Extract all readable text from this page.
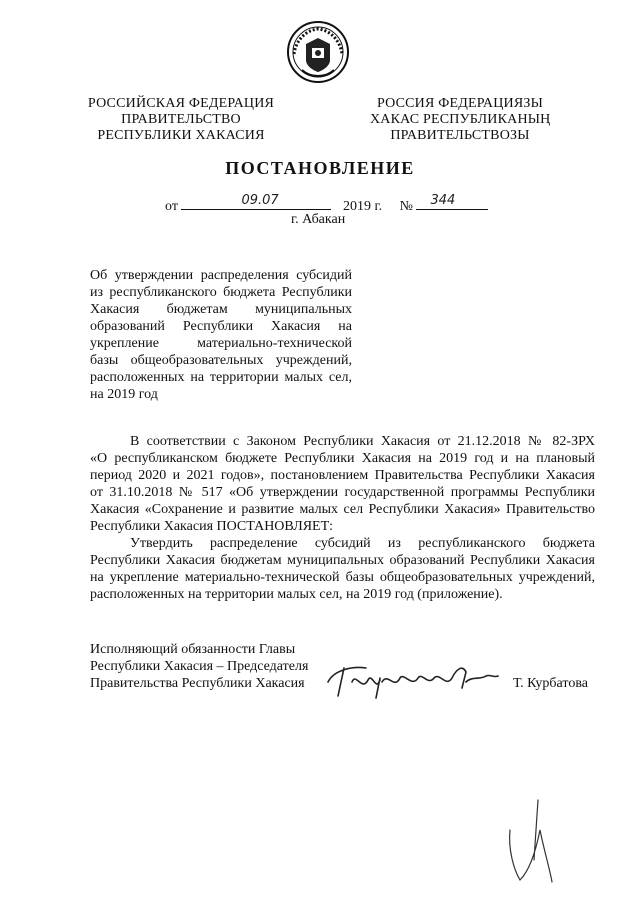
РОССИЙСКАЯ ФЕДЕРАЦИЯ
ПРАВИТЕЛЬСТВО
РЕСПУБЛИКИ ХАКАСИЯ
РОССИЯ ФЕДЕРАЦИЯЗЫ
ХАКАС РЕСПУБЛИКАНЫҢ
ПРАВИТЕЛЬСТВОЗЫ
ПОСТАНОВЛЕНИЕ
от	09.07	2019 г. № 344
г. Абакан
Об утверждении распределения субсидий
из республиканского бюджета Республики
Хакасия бюджетам муниципальных
образований Республики Хакасия на
укрепление материально-технической
базы общеобразовательных учреждений,
расположенных на территории малых сел,
на 2019 год
В соответствии с Законом Республики Хакасия от 21.12.2018 № 82-ЗРХ
«О республиканском бюджете Республики Хакасия на 2019 год и на плановый
период 2020 и 2021 годов», постановлением Правительства Республики Хакасия
от 31.10.2018 № 517 «Об утверждении государственной программы Республики
Хакасия «Сохранение и развитие малых сел Республики Хакасия» Правительство
Республики Хакасия ПОСТАНОВЛЯЕТ:
Утвердить распределение субсидий из республиканского бюджета
Республики Хакасия бюджетам муниципальных образований Республики Хакасия
на укрепление материально-технической базы общеобразовательных учреждений,
расположенных на территории малых сел, на 2019 год (приложение).
Исполняющий обязанности Главы
Республики Хакасия – Председателя
Правительства Республики Хакасия	Т. Курбатова
